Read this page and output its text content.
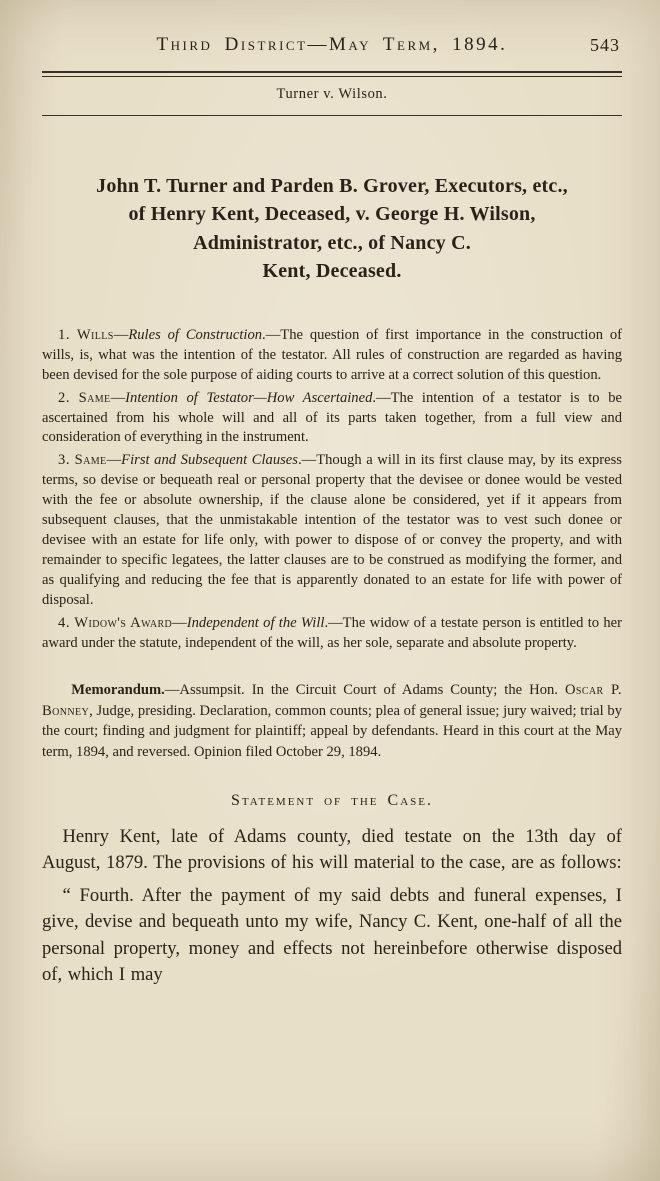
Third District—May Term, 1894.	543
Turner v. Wilson.
John T. Turner and Parden B. Grover, Executors, etc.,
of Henry Kent, Deceased, v. George H. Wilson,
Administrator, etc., of Nancy C.
Kent, Deceased.

1. Wills—Rules of Construction.—The question of first importance in the construction of wills, is, what was the intention of the testator. All rules of construction are regarded as having been devised for the sole purpose of aiding courts to arrive at a correct solution of this question.

2. Same—Intention of Testator—How Ascertained.—The intention of a testator is to be ascertained from his whole will and all of its parts taken together, from a full view and consideration of everything in the instrument.

3. Same—First and Subsequent Clauses.—Though a will in its first clause may, by its express terms, so devise or bequeath real or personal property that the devisee or donee would be vested with the fee or absolute ownership, if the clause alone be considered, yet if it appears from subsequent clauses, that the unmistakable intention of the testator was to vest such donee or devisee with an estate for life only, with power to dispose of or convey the property, and with remainder to specific legatees, the latter clauses are to be construed as modifying the former, and as qualifying and reducing the fee that is apparently donated to an estate for life with power of disposal.

4. Widow's Award—Independent of the Will.—The widow of a testate person is entitled to her award under the statute, independent of the will, as her sole, separate and absolute property.

Memorandum.—Assumpsit. In the Circuit Court of Adams County; the Hon. Oscar P. Bonney, Judge, presiding. Declaration, common counts; plea of general issue; jury waived; trial by the court; finding and judgment for plaintiff; appeal by defendants. Heard in this court at the May term, 1894, and reversed. Opinion filed October 29, 1894.

Statement of the Case.

Henry Kent, late of Adams county, died testate on the 13th day of August, 1879. The provisions of his will material to the case, are as follows:

“ Fourth. After the payment of my said debts and funeral expenses, I give, devise and bequeath unto my wife, Nancy C. Kent, one-half of all the personal property, money and effects not hereinbefore otherwise disposed of, which I may
